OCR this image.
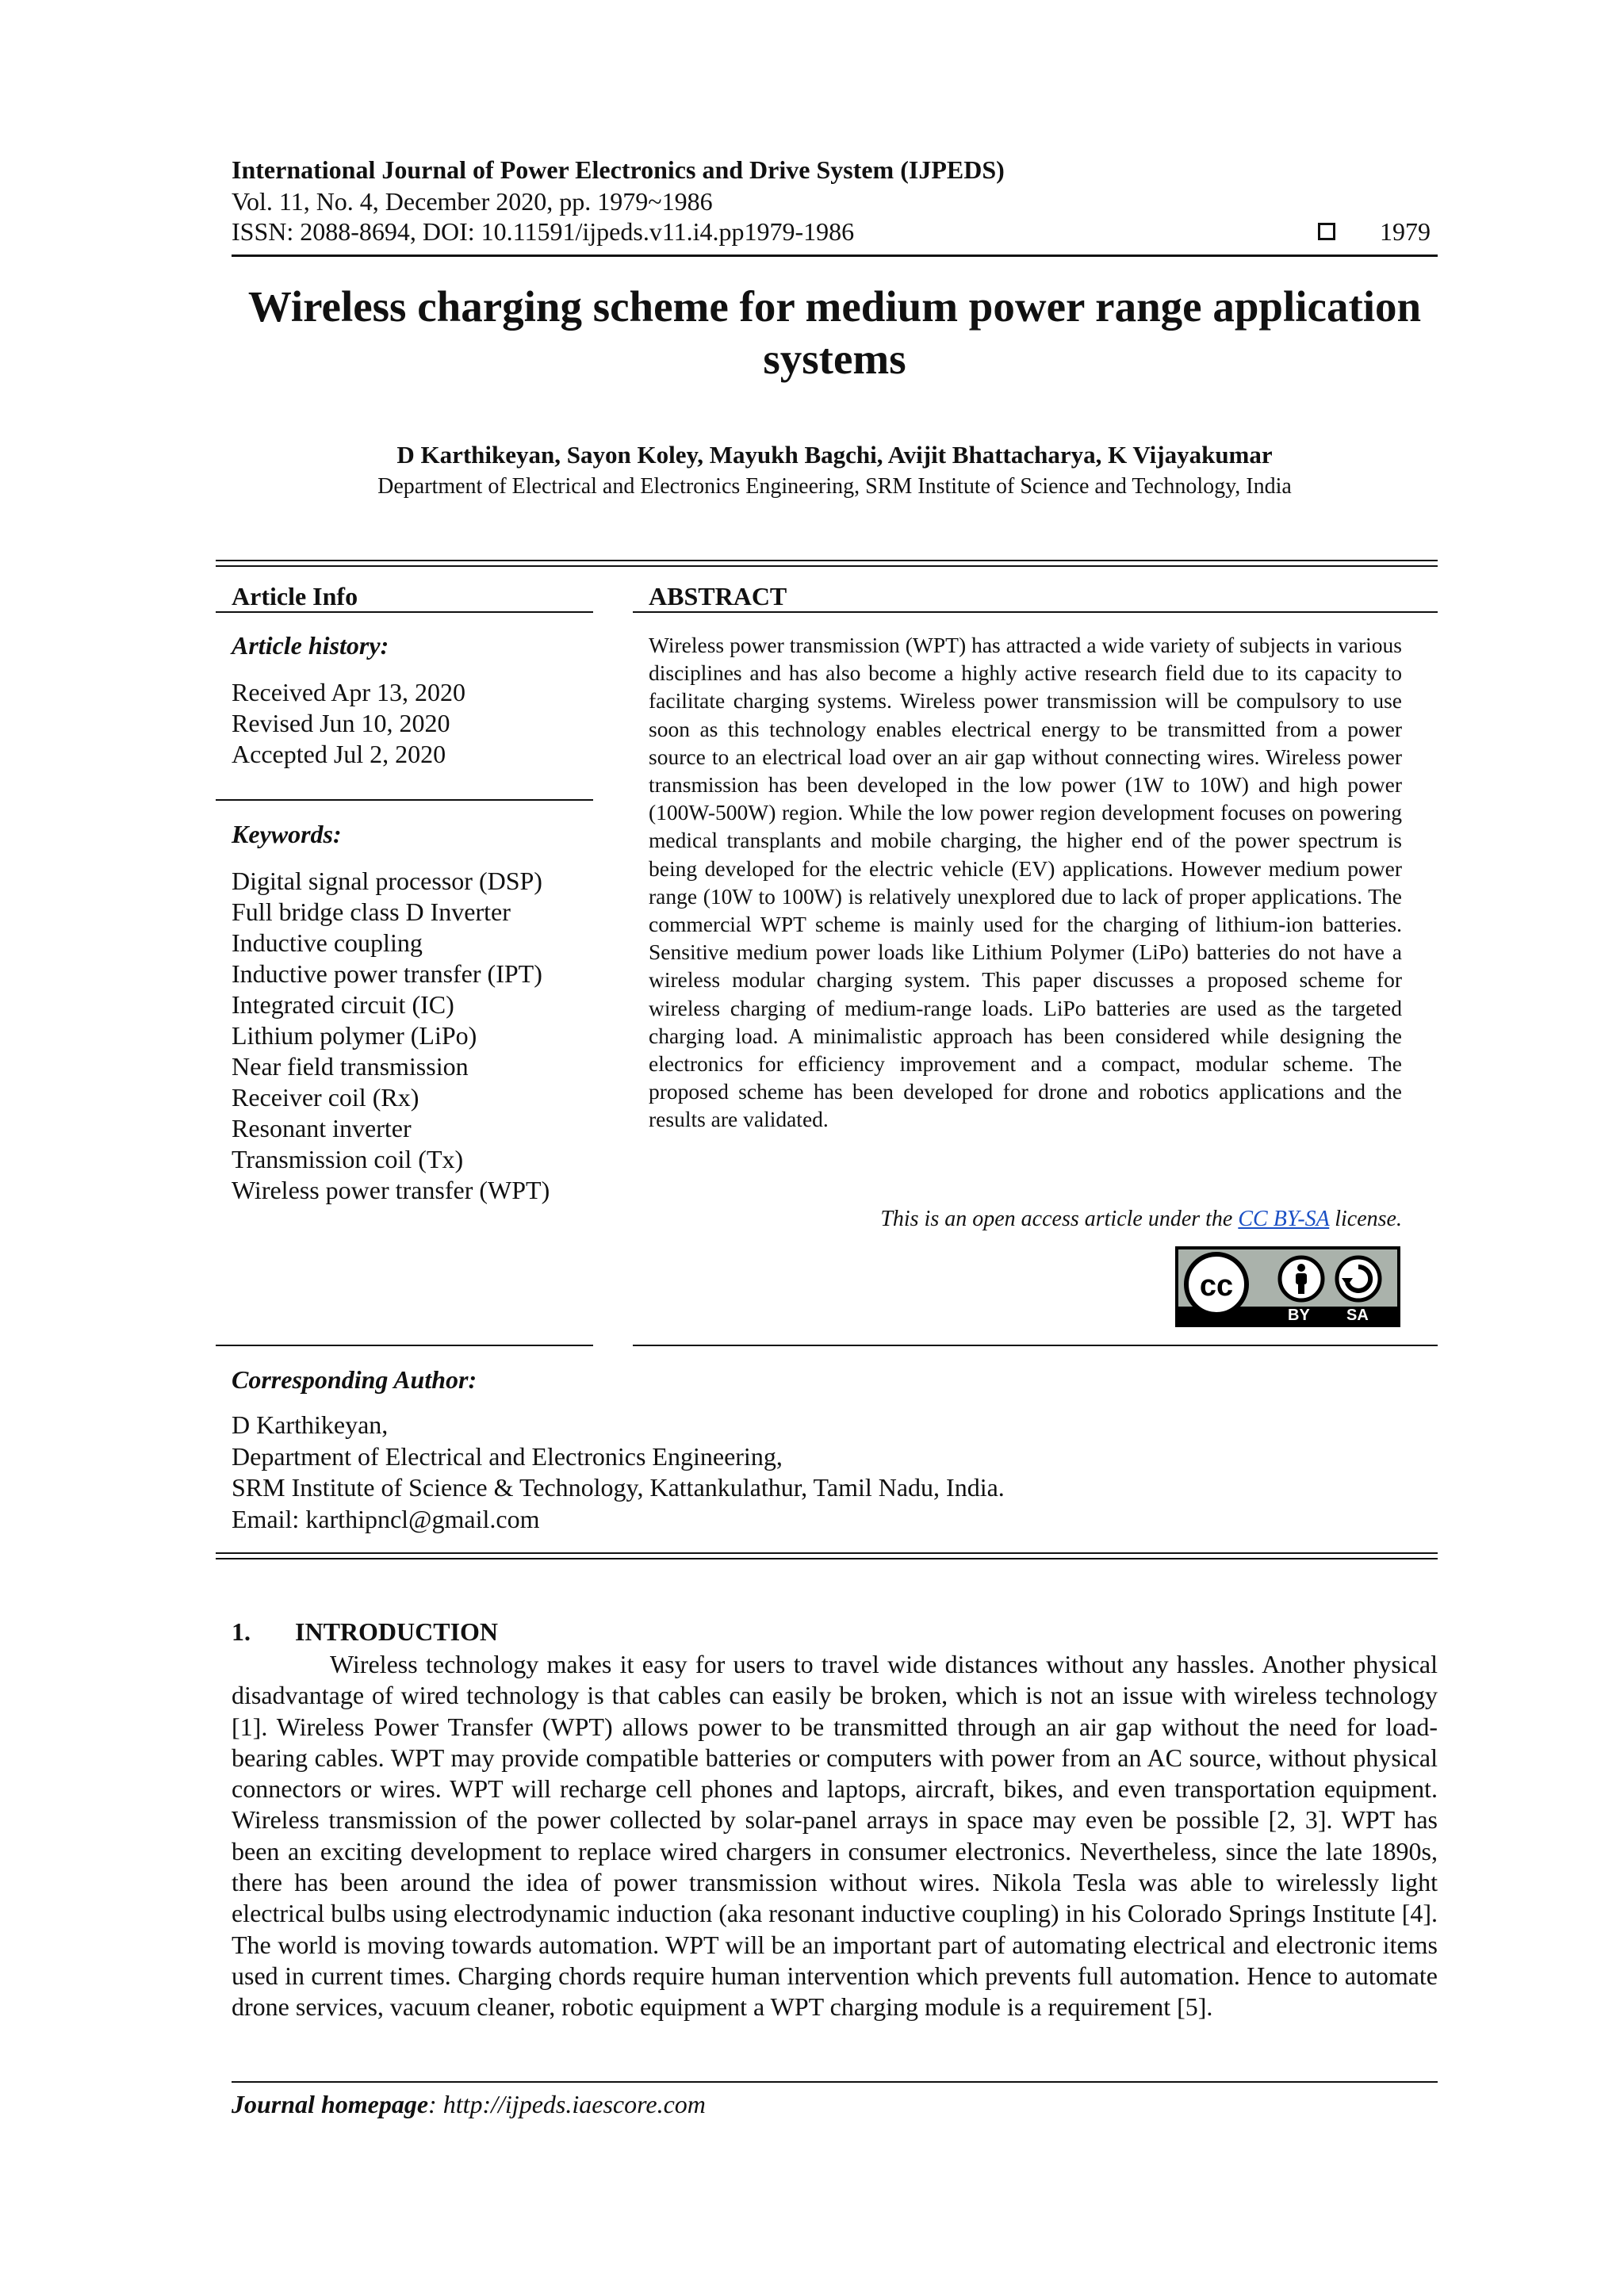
International Journal of Power Electronics and Drive System (IJPEDS)
Vol. 11, No. 4, December 2020, pp. 1979~1986
ISSN: 2088-8694, DOI: 10.11591/ijpeds.v11.i4.pp1979-1986	1979
Wireless charging scheme for medium power range application
systems
D Karthikeyan, Sayon Koley, Mayukh Bagchi, Avijit Bhattacharya, K Vijayakumar
Department of Electrical and Electronics Engineering, SRM Institute of Science and Technology, India
Article Info
Article history:
Received Apr 13, 2020
Revised Jun 10, 2020
Accepted Jul 2, 2020
Keywords:
Digital signal processor (DSP)
Full bridge class D Inverter
Inductive coupling
Inductive power transfer (IPT)
Integrated circuit (IC)
Lithium polymer (LiPo)
Near field transmission
Receiver coil (Rx)
Resonant inverter
Transmission coil (Tx)
Wireless power transfer (WPT)
ABSTRACT
Wireless power transmission (WPT) has attracted a wide variety of subjects in various disciplines and has also become a highly active research field due to its capacity to facilitate charging systems. Wireless power transmission will be compulsory to use soon as this technology enables electrical energy to be transmitted from a power source to an electrical load over an air gap without connecting wires. Wireless power transmission has been developed in the low power (1W to 10W) and high power (100W-500W) region. While the low power region development focuses on powering medical transplants and mobile charging, the higher end of the power spectrum is being developed for the electric vehicle (EV) applications. However medium power range (10W to 100W) is relatively unexplored due to lack of proper applications. The commercial WPT scheme is mainly used for the charging of lithium-ion batteries. Sensitive medium power loads like Lithium Polymer (LiPo) batteries do not have a wireless modular charging system. This paper discusses a proposed scheme for wireless charging of medium-range loads. LiPo batteries are used as the targeted charging load. A minimalistic approach has been considered while designing the electronics for efficiency improvement and a compact, modular scheme. The proposed scheme has been developed for drone and robotics applications and the results are validated.
This is an open access article under the CC BY-SA license.
cc
BY SA
Corresponding Author:
D Karthikeyan,
Department of Electrical and Electronics Engineering,
SRM Institute of Science & Technology, Kattankulathur, Tamil Nadu, India.
Email: karthipncl@gmail.com
1. INTRODUCTION
Wireless technology makes it easy for users to travel wide distances without any hassles. Another physical disadvantage of wired technology is that cables can easily be broken, which is not an issue with wireless technology [1]. Wireless Power Transfer (WPT) allows power to be transmitted through an air gap without the need for load-bearing cables. WPT may provide compatible batteries or computers with power from an AC source, without physical connectors or wires. WPT will recharge cell phones and laptops, aircraft, bikes, and even transportation equipment. Wireless transmission of the power collected by solar-panel arrays in space may even be possible [2, 3]. WPT has been an exciting development to replace wired chargers in consumer electronics. Nevertheless, since the late 1890s, there has been around the idea of power transmission without wires. Nikola Tesla was able to wirelessly light electrical bulbs using electrodynamic induction (aka resonant inductive coupling) in his Colorado Springs Institute [4]. The world is moving towards automation. WPT will be an important part of automating electrical and electronic items used in current times. Charging chords require human intervention which prevents full automation. Hence to automate drone services, vacuum cleaner, robotic equipment a WPT charging module is a requirement [5].
Journal homepage: http://ijpeds.iaescore.com
